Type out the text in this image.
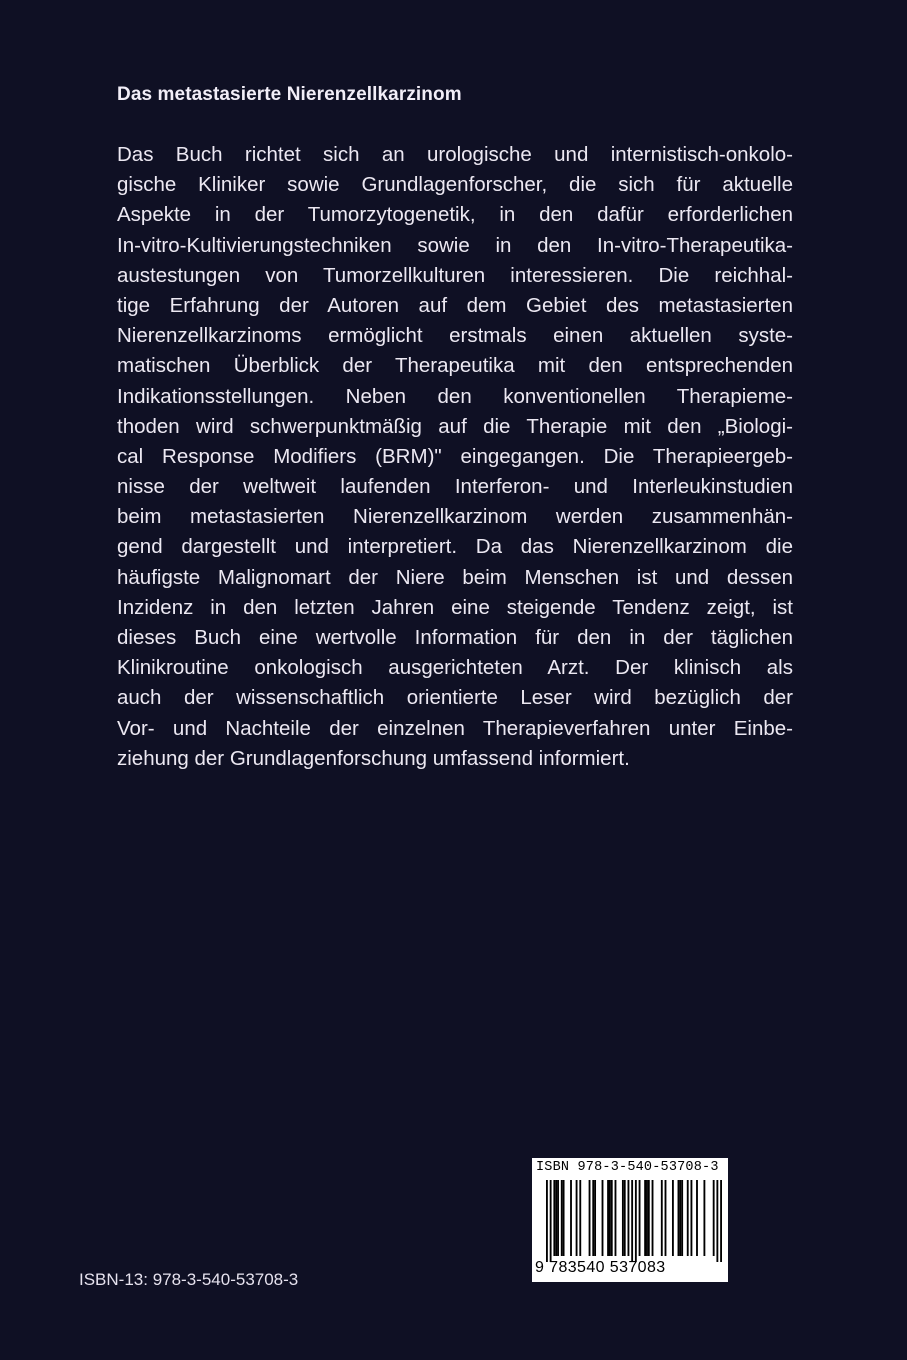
Das metastasierte Nierenzellkarzinom
Das Buch richtet sich an urologische und internistisch-onkolo-
gische Kliniker sowie Grundlagenforscher, die sich für aktuelle
Aspekte in der Tumorzytogenetik, in den dafür erforderlichen
In-vitro-Kultivierungstechniken sowie in den In-vitro-Therapeutika-
austestungen von Tumorzellkulturen interessieren. Die reichhal-
tige Erfahrung der Autoren auf dem Gebiet des metastasierten
Nierenzellkarzinoms ermöglicht erstmals einen aktuellen syste-
matischen Überblick der Therapeutika mit den entsprechenden
Indikationsstellungen. Neben den konventionellen Therapieme-
thoden wird schwerpunktmäßig auf die Therapie mit den „Biologi-
cal Response Modifiers (BRM)" eingegangen. Die Therapieergeb-
nisse der weltweit laufenden Interferon- und Interleukinstudien
beim metastasierten Nierenzellkarzinom werden zusammenhän-
gend dargestellt und interpretiert. Da das Nierenzellkarzinom die
häufigste Malignomart der Niere beim Menschen ist und dessen
Inzidenz in den letzten Jahren eine steigende Tendenz zeigt, ist
dieses Buch eine wertvolle Information für den in der täglichen
Klinikroutine onkologisch ausgerichteten Arzt. Der klinisch als
auch der wissenschaftlich orientierte Leser wird bezüglich der
Vor- und Nachteile der einzelnen Therapieverfahren unter Einbe-
ziehung der Grundlagenforschung umfassend informiert.
ISBN-13: 978-3-540-53708-3
ISBN 978-3-540-53708-3
9 783540 537083
